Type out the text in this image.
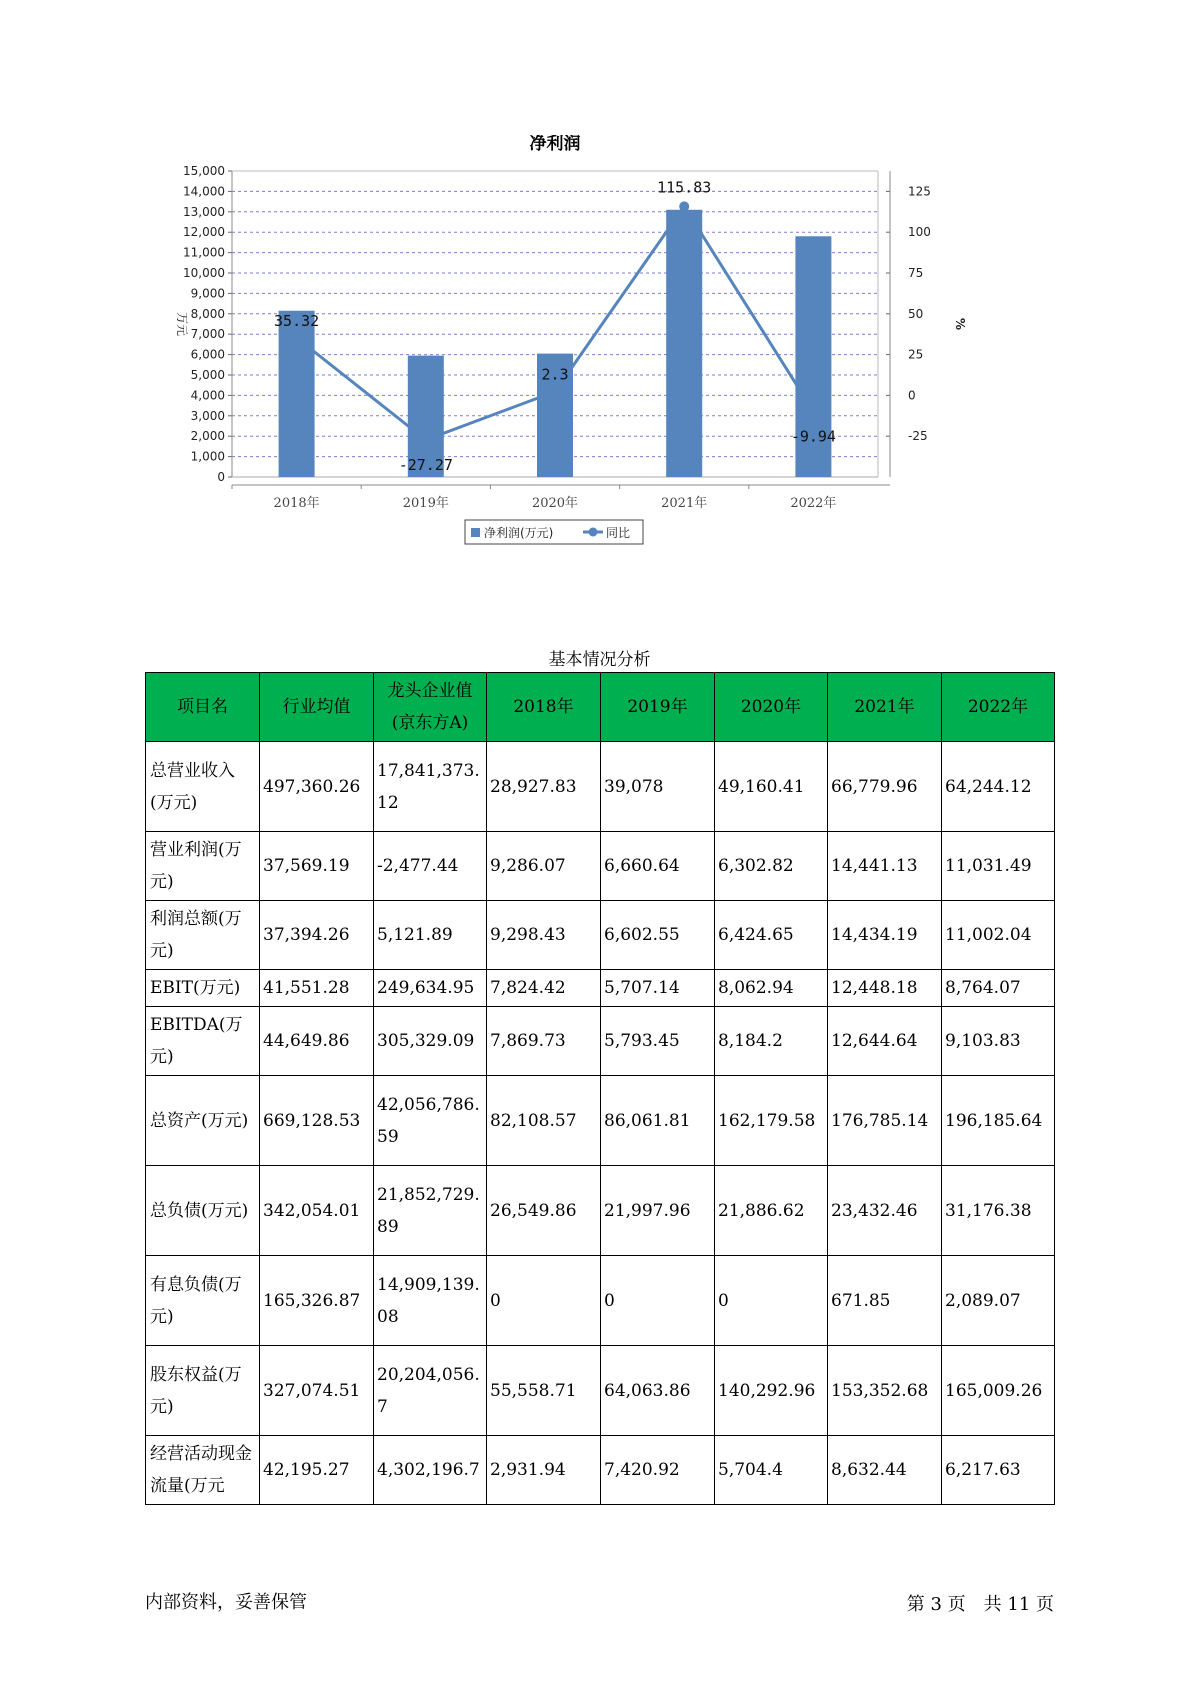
净利润
0
1,000
2,000
3,000
4,000
5,000
6,000
7,000
8,000
9,000
10,000
11,000
12,000
13,000
14,000
15,000
-25
0
25
50
75
100
125
万元	%
2018年	2019年	2020年	2021年	2022年
35.32
-27.27
2.3
115.83
-9.94
净利润(万元)	同比
基本情况分析
项目名	行业均值	龙头企业值(京东方A)	2018年	2019年	2020年	2021年	2022年
总营业收入(万元)	497,360.26	17,841,373.12	28,927.83	39,078	49,160.41	66,779.96	64,244.12
营业利润(万元)	37,569.19	-2,477.44	9,286.07	6,660.64	6,302.82	14,441.13	11,031.49
利润总额(万元)	37,394.26	5,121.89	9,298.43	6,602.55	6,424.65	14,434.19	11,002.04
EBIT(万元)	41,551.28	249,634.95	7,824.42	5,707.14	8,062.94	12,448.18	8,764.07
EBITDA(万元)	44,649.86	305,329.09	7,869.73	5,793.45	8,184.2	12,644.64	9,103.83
总资产(万元)	669,128.53	42,056,786.59	82,108.57	86,061.81	162,179.58	176,785.14	196,185.64
总负债(万元)	342,054.01	21,852,729.89	26,549.86	21,997.96	21,886.62	23,432.46	31,176.38
有息负债(万元)	165,326.87	14,909,139.08	0	0	0	671.85	2,089.07
股东权益(万元)	327,074.51	20,204,056.7	55,558.71	64,063.86	140,292.96	153,352.68	165,009.26
经营活动现金流量(万元	42,195.27	4,302,196.7	2,931.94	7,420.92	5,704.4	8,632.44	6,217.63
内部资料，妥善保管	第 3 页　共 11 页
